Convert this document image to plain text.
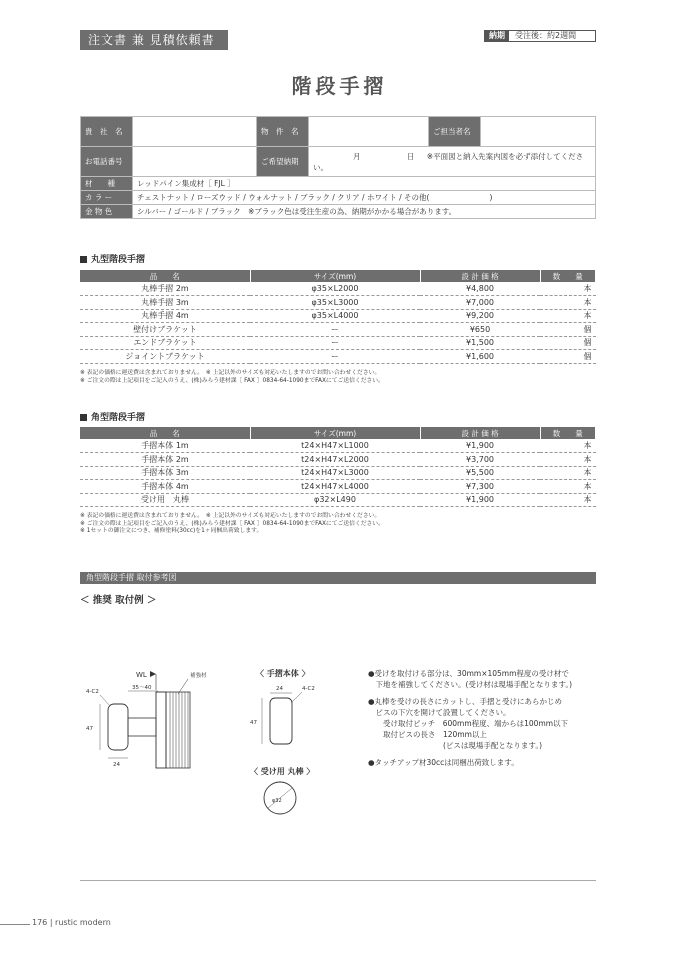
注文書 兼 見積依頼書	納期	受注後：約2週間
階段手摺
貴　社　名		物　件　名		ご担当者名	
お電話番号		ご希望納期	月 日 ※平面図と納入先案内図を必ず添付してください。		
材　　種	レッドパイン集成材［ FJL ］				
カ ラ ー	チェストナット / ローズウッド / ウォルナット / ブラック / クリア / ホワイト / その他(　　　　　　　　)				
金 物 色	シルバー / ゴールド / ブラック　※ブラック色は受注生産の為、納期がかかる場合があります。				
丸型階段手摺
品　　名	サイズ(mm)	設 計 価 格	数　　量
丸棒手摺 2m	φ35×L2000	¥4,800	本
丸棒手摺 3m	φ35×L3000	¥7,000	本
丸棒手摺 4m	φ35×L4000	¥9,200	本
壁付けブラケット	ー	¥650	個
エンドブラケット	ー	¥1,500	個
ジョイントブラケット	ー	¥1,600	個
※ 表記の価格に運送費は含まれておりません。　※ 上記以外のサイズも対応いたしますのでお問い合わせください。
※ ご注文の際は上記項目をご記入のうえ、(株)みらう建材課［ FAX ］0834-64-1090までFAXにてご送信ください。
角型階段手摺
品　　名	サイズ(mm)	設 計 価 格	数　　量
手摺本体 1m	t24×H47×L1000	¥1,900	本
手摺本体 2m	t24×H47×L2000	¥3,700	本
手摺本体 3m	t24×H47×L3000	¥5,500	本
手摺本体 4m	t24×H47×L4000	¥7,300	本
受け用　丸棒	φ32×L490	¥1,900	本
※ 表記の価格に運送費は含まれておりません。　※ 上記以外のサイズも対応いたしますのでお問い合わせください。
※ ご注文の際は上記項目をご記入のうえ、(株)みらう建材課［ FAX ］0834-64-1090までFAXにてご送信ください。
※ 1セットの御注文につき、補修塗料(30cc)を1ヶ同梱出荷致します。
角型階段手摺 取付参考図
＜ 推奨 取付例 ＞
WL	補強材
35〜40
4-C2
47
24
〈 手摺本体 〉
24	4-C2
47
〈 受け用 丸棒 〉
φ32
●受けを取付ける部分は、30mm×105mm程度の受け材で
　下地を補強してください。(受け材は現場手配となります。)
●丸棒を受けの長さにカットし、手摺と受けにあらかじめ
　ビスの下穴を開けて設置してください。
　　受け取付ピッチ　600mm程度、端からは100mm以下
　　取付ビスの長さ　120mm以上
　　　　　　　　　　(ビスは現場手配となります。)
●タッチアップ材30ccは同梱出荷致します。
176 | rustic modern
